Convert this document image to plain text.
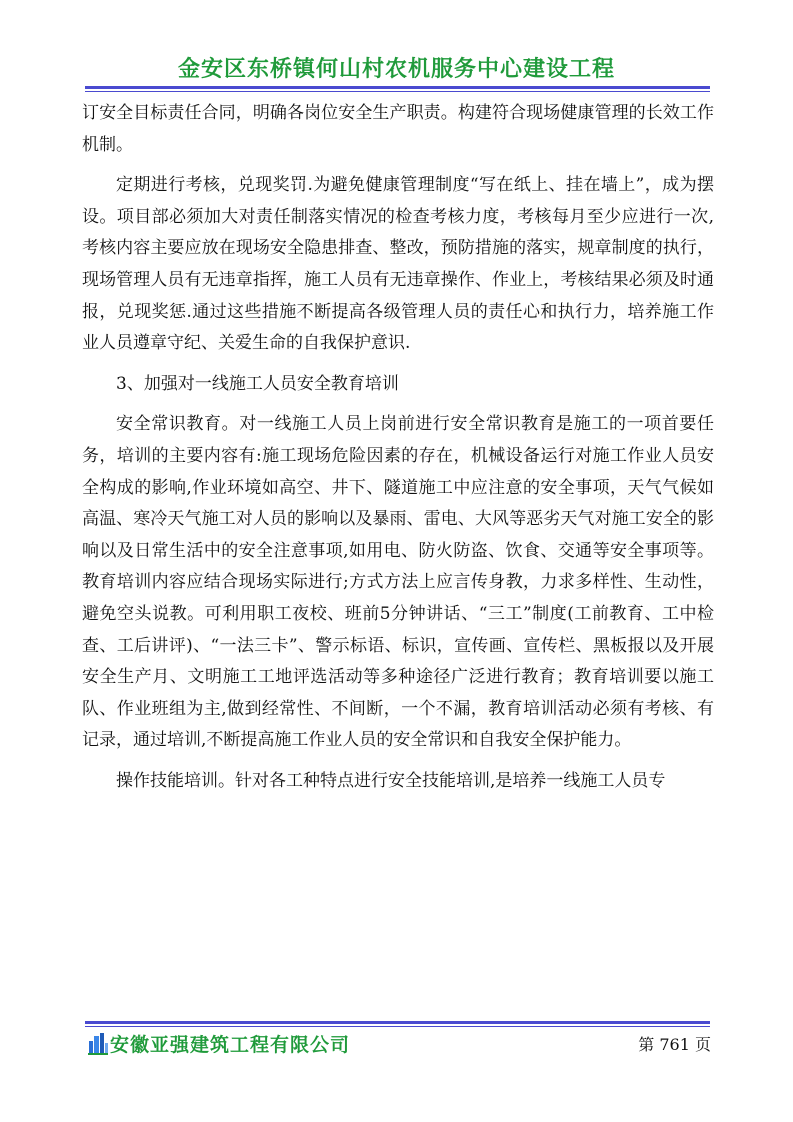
金安区东桥镇何山村农机服务中心建设工程

订安全目标责任合同，明确各岗位安全生产职责。构建符合现场健康管理的长效工作机制。

定期进行考核，兑现奖罚.为避免健康管理制度“写在纸上、挂在墙上”，成为摆设。项目部必须加大对责任制落实情况的检查考核力度，考核每月至少应进行一次,考核内容主要应放在现场安全隐患排查、整改，预防措施的落实，规章制度的执行，现场管理人员有无违章指挥，施工人员有无违章操作、作业上，考核结果必须及时通报，兑现奖惩.通过这些措施不断提高各级管理人员的责任心和执行力，培养施工作业人员遵章守纪、关爱生命的自我保护意识.

3、加强对一线施工人员安全教育培训

安全常识教育。对一线施工人员上岗前进行安全常识教育是施工的一项首要任务，培训的主要内容有:施工现场危险因素的存在，机械设备运行对施工作业人员安全构成的影响,作业环境如高空、井下、隧道施工中应注意的安全事项，天气气候如高温、寒冷天气施工对人员的影响以及暴雨、雷电、大风等恶劣天气对施工安全的影响以及日常生活中的安全注意事项,如用电、防火防盗、饮食、交通等安全事项等。教育培训内容应结合现场实际进行;方式方法上应言传身教，力求多样性、生动性，避免空头说教。可利用职工夜校、班前5分钟讲话、“三工”制度(工前教育、工中检查、工后讲评)、“一法三卡”、警示标语、标识，宣传画、宣传栏、黑板报以及开展安全生产月、文明施工工地评选活动等多种途径广泛进行教育；教育培训要以施工队、作业班组为主,做到经常性、不间断，一个不漏，教育培训活动必须有考核、有记录，通过培训,不断提高施工作业人员的安全常识和自我安全保护能力。

操作技能培训。针对各工种特点进行安全技能培训,是培养一线施工人员专

安徽亚强建筑工程有限公司	第 761 页
